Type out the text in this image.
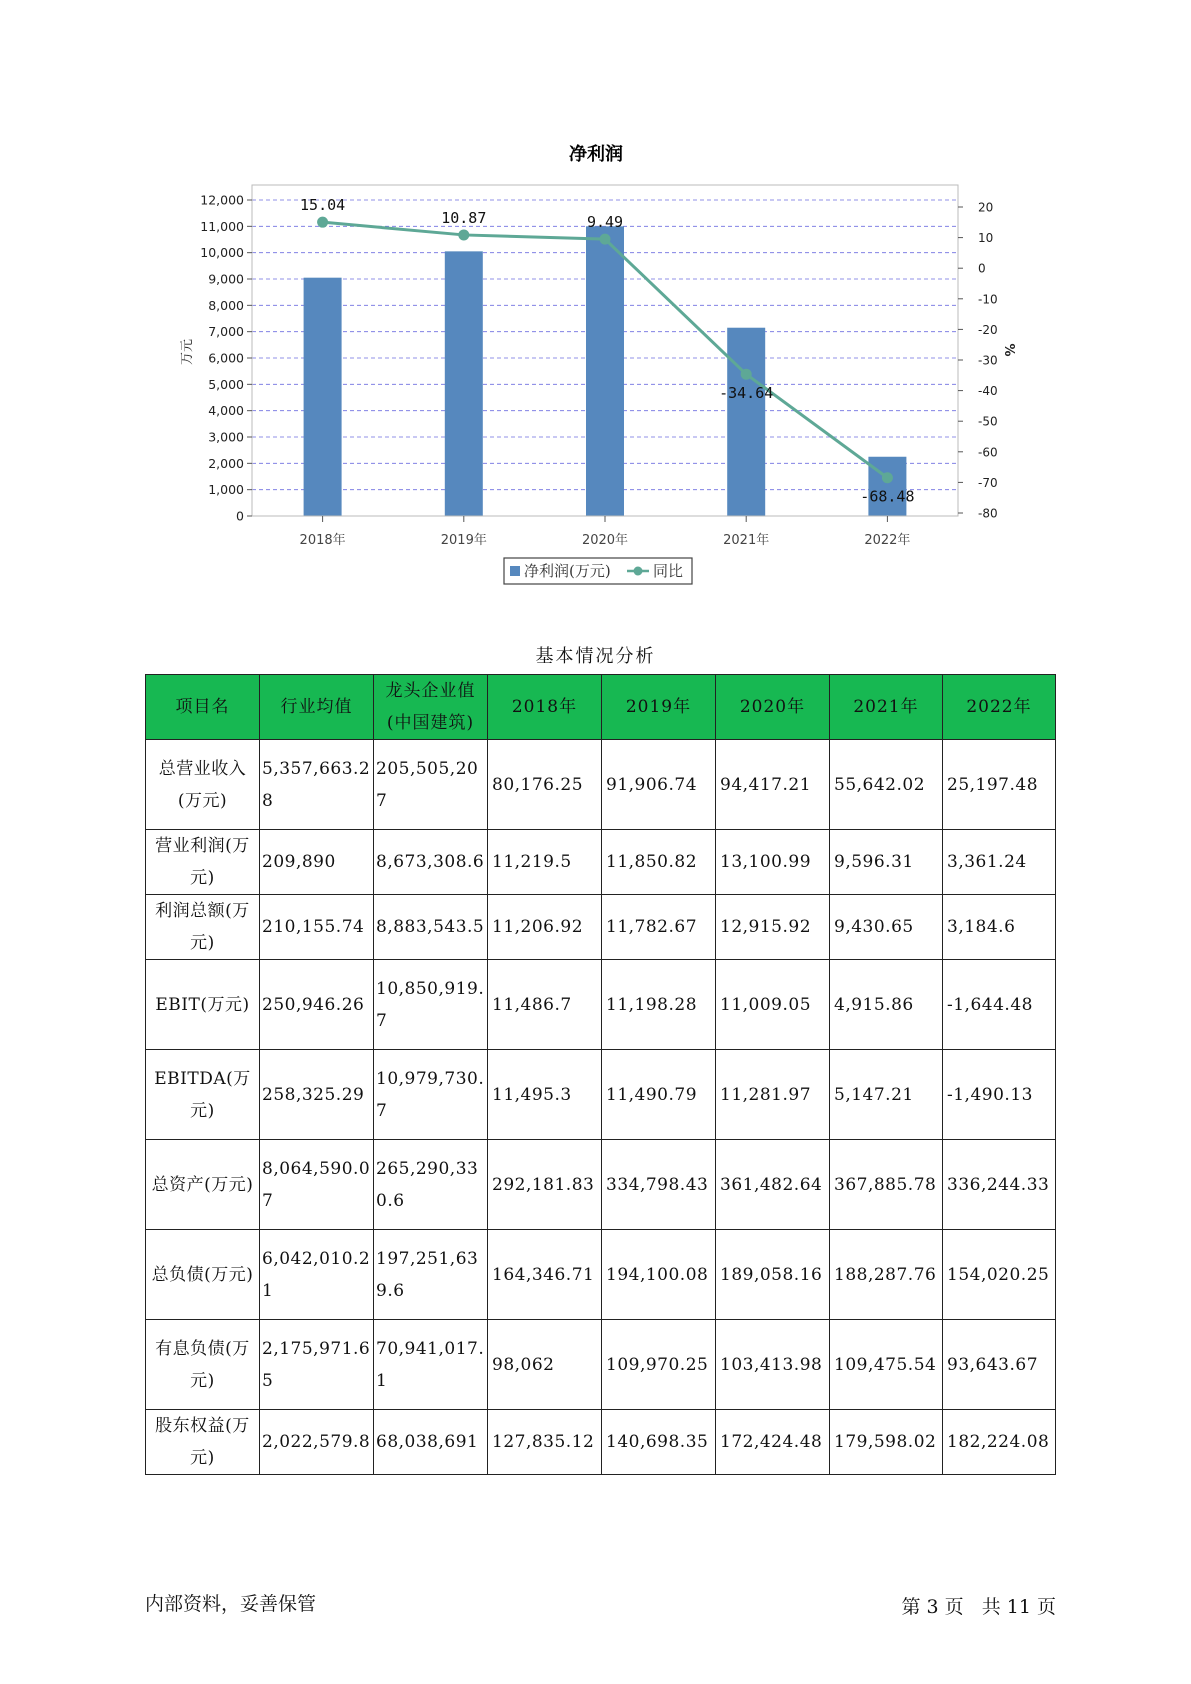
净利润
15.04
10.87	9.49
-34.64
-68.48
0
1,000
2,000
3,000
4,000
5,000
6,000
7,000
8,000
9,000
10,000
11,000
12,000
-80
-70
-60
-50
-40
-30
-20
-10
0
10
20
万元	%
2018年	2019年	2020年	2021年	2022年
净利润(万元)	同比
基本情况分析
项目名	行业均值	龙头企业值(中国建筑)	2018年	2019年	2020年	2021年	2022年
总营业收入(万元)	5,357,663.28	205,505,207	80,176.25	91,906.74	94,417.21	55,642.02	25,197.48
营业利润(万元)	209,890	8,673,308.6	11,219.5	11,850.82	13,100.99	9,596.31	3,361.24
利润总额(万元)	210,155.74	8,883,543.5	11,206.92	11,782.67	12,915.92	9,430.65	3,184.6
EBIT(万元)	250,946.26	10,850,919.7	11,486.7	11,198.28	11,009.05	4,915.86	-1,644.48
EBITDA(万元)	258,325.29	10,979,730.7	11,495.3	11,490.79	11,281.97	5,147.21	-1,490.13
总资产(万元)	8,064,590.07	265,290,330.6	292,181.83	334,798.43	361,482.64	367,885.78	336,244.33
总负债(万元)	6,042,010.21	197,251,639.6	164,346.71	194,100.08	189,058.16	188,287.76	154,020.25
有息负债(万元)	2,175,971.65	70,941,017.1	98,062	109,970.25	103,413.98	109,475.54	93,643.67
股东权益(万元)	2,022,579.8	68,038,691	127,835.12	140,698.35	172,424.48	179,598.02	182,224.08
内部资料，妥善保管	第 3 页   共 11 页
